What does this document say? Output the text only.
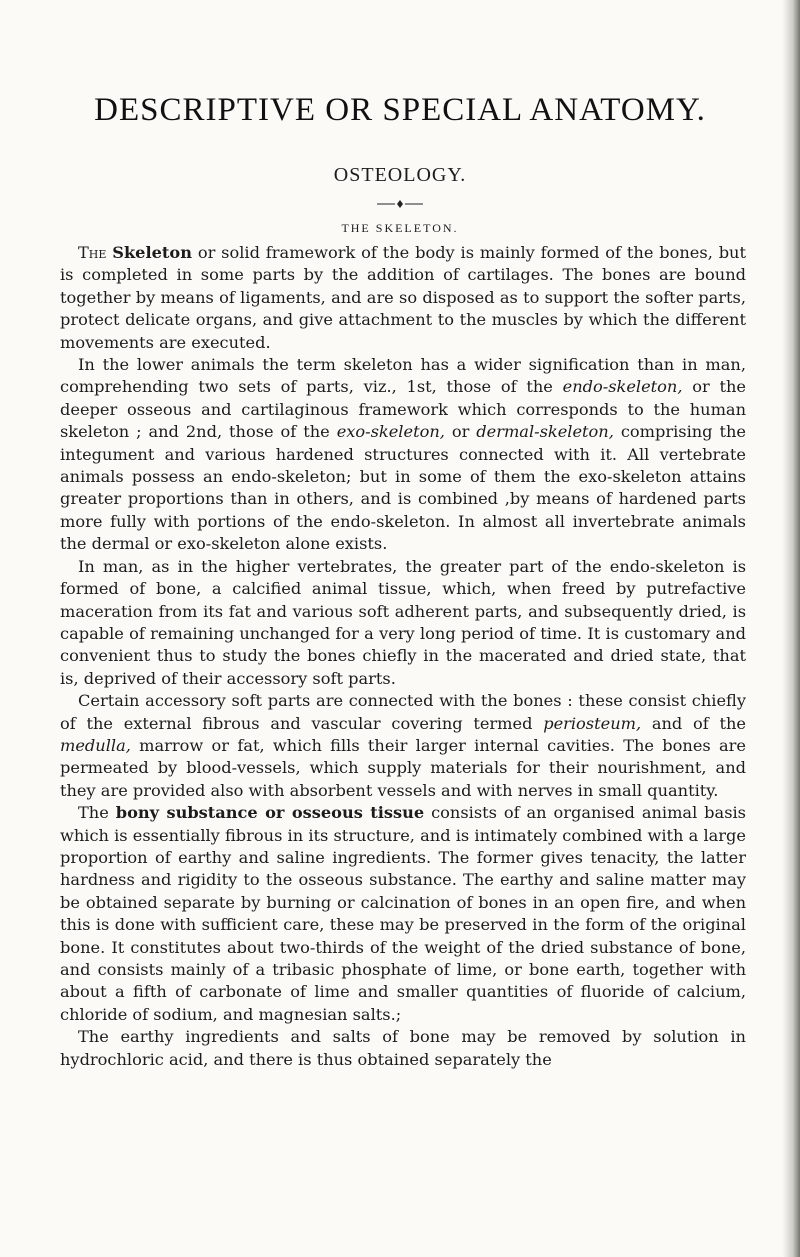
DESCRIPTIVE OR SPECIAL ANATOMY.
OSTEOLOGY.
THE SKELETON.

The Skeleton or solid framework of the body is mainly formed of the bones, but is completed in some parts by the addition of cartilages. The bones are bound together by means of ligaments, and are so disposed as to support the softer parts, protect delicate organs, and give attachment to the muscles by which the different movements are executed.

In the lower animals the term skeleton has a wider signification than in man, comprehending two sets of parts, viz., 1st, those of the endo-skeleton, or the deeper osseous and cartilaginous framework which corresponds to the human skeleton ; and 2nd, those of the exo-skeleton, or dermal-skeleton, comprising the integument and various hardened structures connected with it. All vertebrate animals possess an endo-skeleton; but in some of them the exo-skeleton attains greater proportions than in others, and is combined ,by means of hardened parts more fully with portions of the endo-skeleton. In almost all invertebrate animals the dermal or exo-skeleton alone exists.

In man, as in the higher vertebrates, the greater part of the endo-skeleton is formed of bone, a calcified animal tissue, which, when freed by putrefactive maceration from its fat and various soft adherent parts, and subsequently dried, is capable of remaining unchanged for a very long period of time. It is customary and convenient thus to study the bones chiefly in the macerated and dried state, that is, deprived of their accessory soft parts.

Certain accessory soft parts are connected with the bones : these consist chiefly of the external fibrous and vascular covering termed periosteum, and of the medulla, marrow or fat, which fills their larger internal cavities. The bones are permeated by blood-vessels, which supply materials for their nourishment, and they are provided also with absorbent vessels and with nerves in small quantity.

The bony substance or osseous tissue consists of an organised animal basis which is essentially fibrous in its structure, and is intimately combined with a large proportion of earthy and saline ingredients. The former gives tenacity, the latter hardness and rigidity to the osseous substance. The earthy and saline matter may be obtained separate by burning or calcination of bones in an open fire, and when this is done with sufficient care, these may be preserved in the form of the original bone. It constitutes about two-thirds of the weight of the dried substance of bone, and consists mainly of a tribasic phosphate of lime, or bone earth, together with about a fifth of carbonate of lime and smaller quantities of fluoride of calcium, chloride of sodium, and magnesian salts.;

The earthy ingredients and salts of bone may be removed by solution in hydrochloric acid, and there is thus obtained separately the
